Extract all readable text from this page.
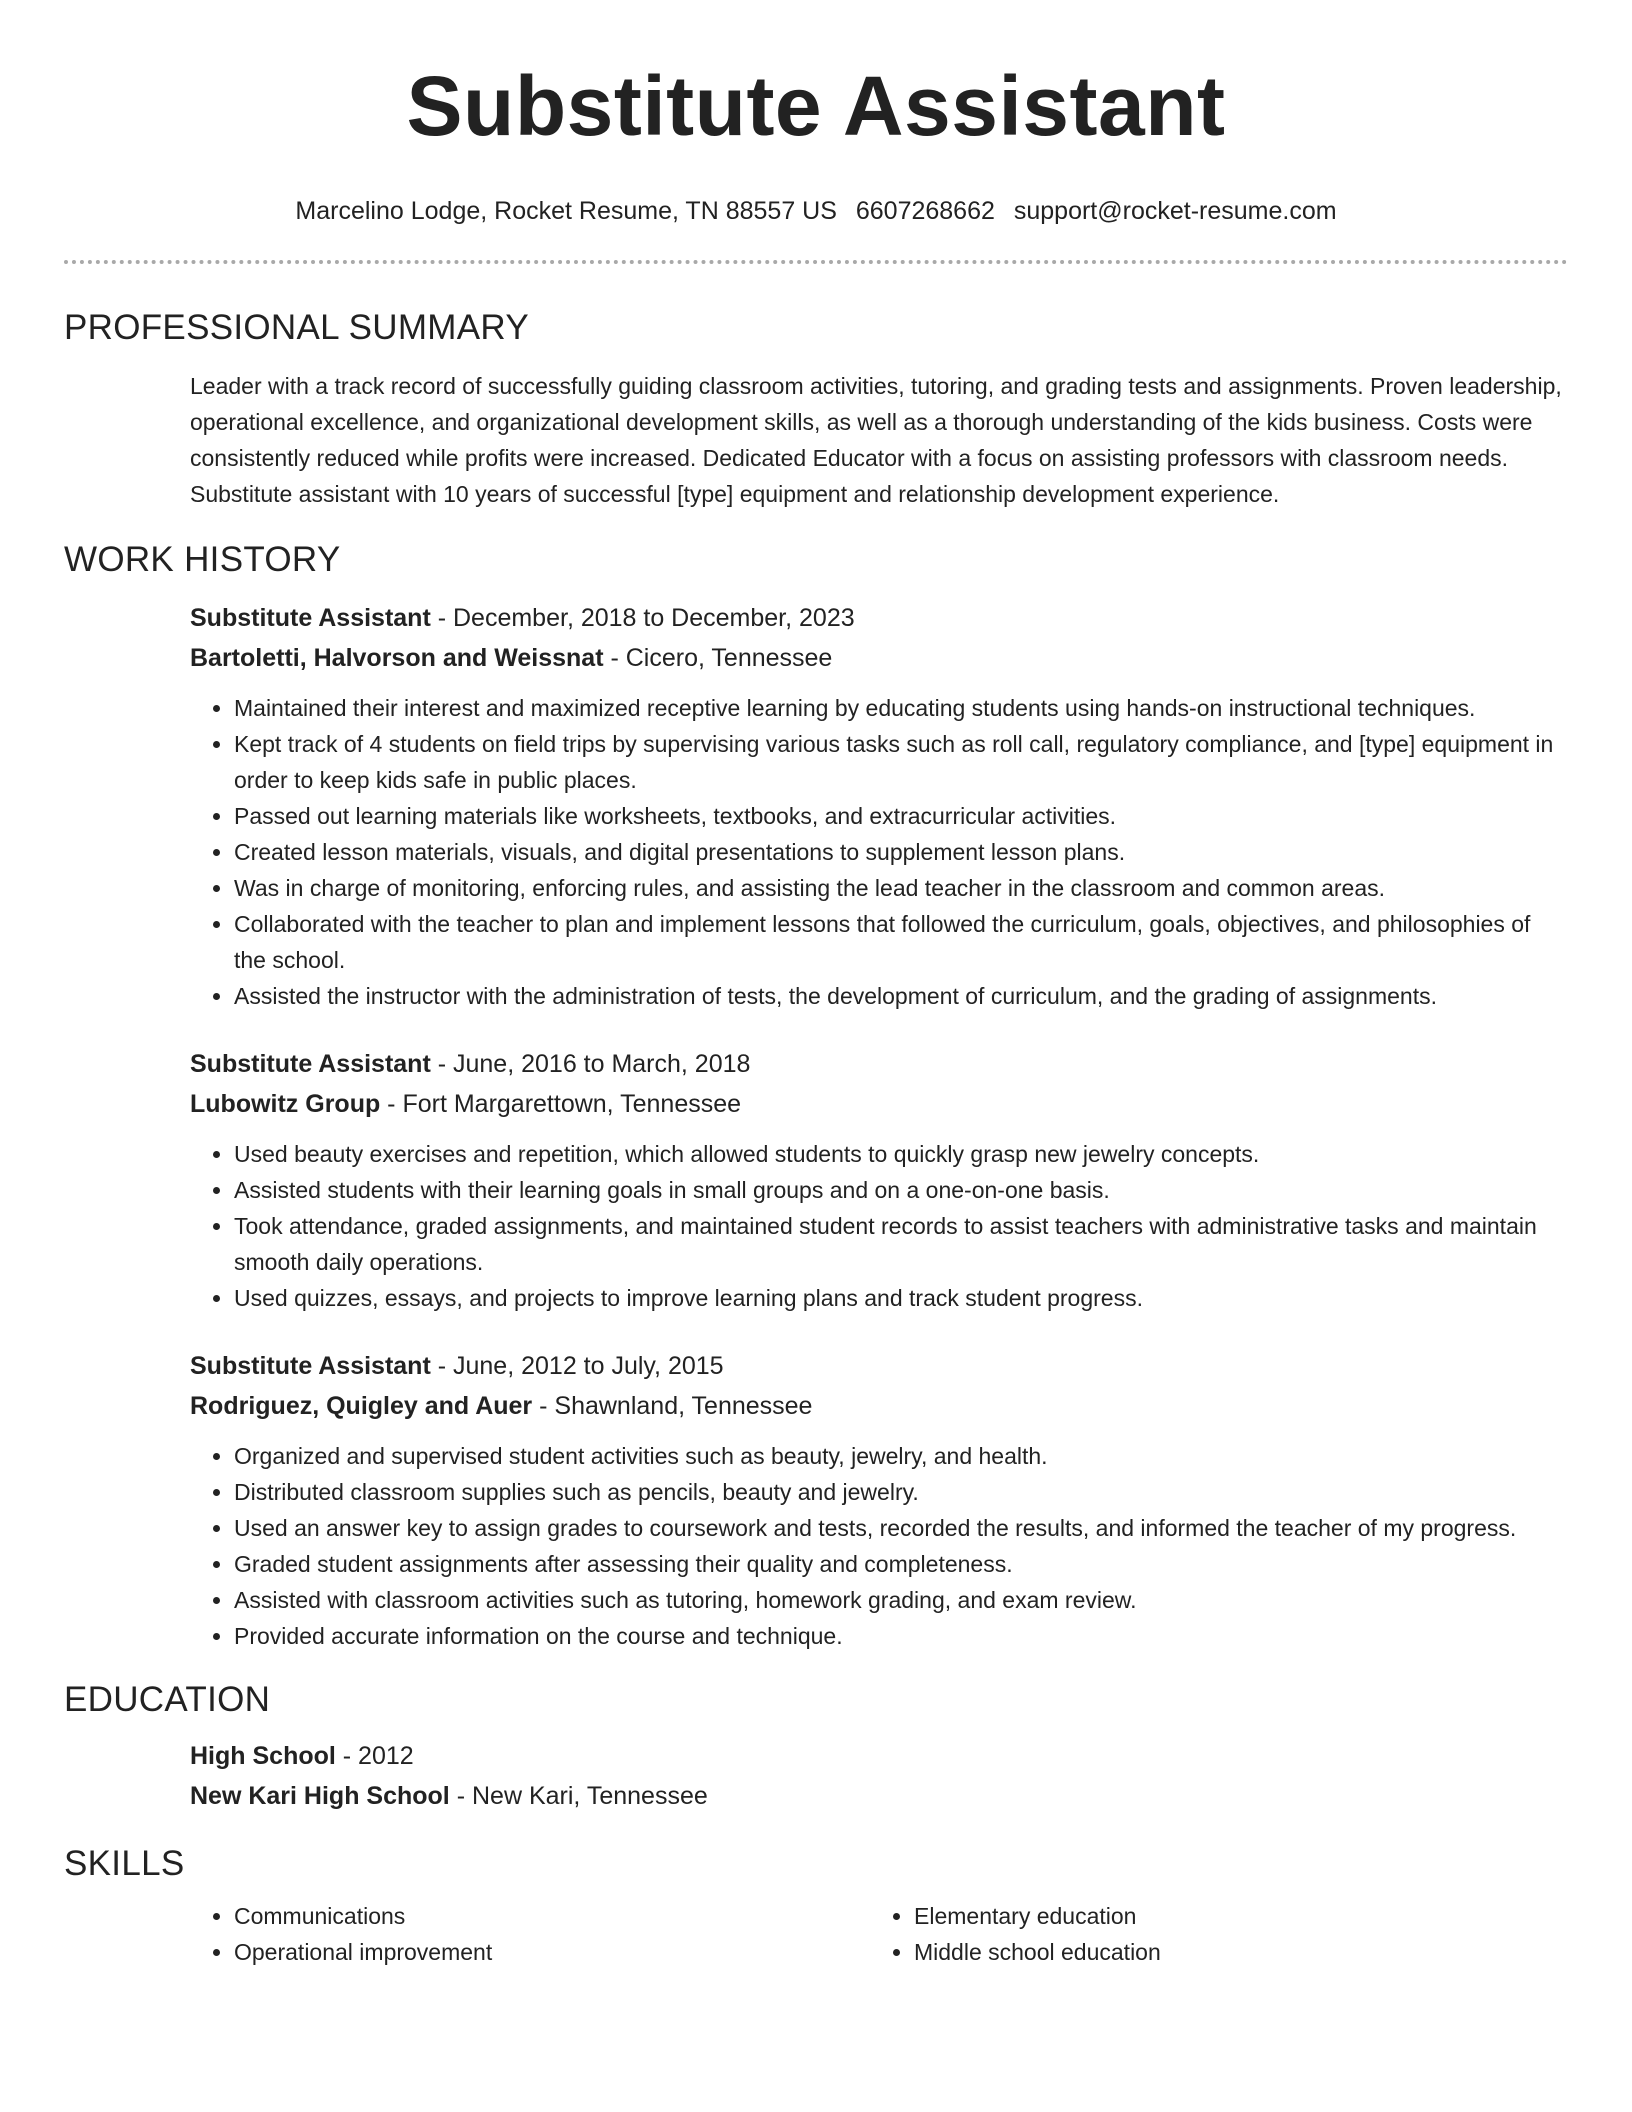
Substitute Assistant
Marcelino Lodge, Rocket Resume, TN 88557 US 6607268662 support@rocket-resume.com
PROFESSIONAL SUMMARY
Leader with a track record of successfully guiding classroom activities, tutoring, and grading tests and assignments. Proven leadership, operational excellence, and organizational development skills, as well as a thorough understanding of the kids business. Costs were consistently reduced while profits were increased. Dedicated Educator with a focus on assisting professors with classroom needs. Substitute assistant with 10 years of successful [type] equipment and relationship development experience.
WORK HISTORY
Substitute Assistant - December, 2018 to December, 2023
Bartoletti, Halvorson and Weissnat - Cicero, Tennessee
• Maintained their interest and maximized receptive learning by educating students using hands-on instructional techniques.
• Kept track of 4 students on field trips by supervising various tasks such as roll call, regulatory compliance, and [type] equipment in order to keep kids safe in public places.
• Passed out learning materials like worksheets, textbooks, and extracurricular activities.
• Created lesson materials, visuals, and digital presentations to supplement lesson plans.
• Was in charge of monitoring, enforcing rules, and assisting the lead teacher in the classroom and common areas.
• Collaborated with the teacher to plan and implement lessons that followed the curriculum, goals, objectives, and philosophies of the school.
• Assisted the instructor with the administration of tests, the development of curriculum, and the grading of assignments.
Substitute Assistant - June, 2016 to March, 2018
Lubowitz Group - Fort Margarettown, Tennessee
• Used beauty exercises and repetition, which allowed students to quickly grasp new jewelry concepts.
• Assisted students with their learning goals in small groups and on a one-on-one basis.
• Took attendance, graded assignments, and maintained student records to assist teachers with administrative tasks and maintain smooth daily operations.
• Used quizzes, essays, and projects to improve learning plans and track student progress.
Substitute Assistant - June, 2012 to July, 2015
Rodriguez, Quigley and Auer - Shawnland, Tennessee
• Organized and supervised student activities such as beauty, jewelry, and health.
• Distributed classroom supplies such as pencils, beauty and jewelry.
• Used an answer key to assign grades to coursework and tests, recorded the results, and informed the teacher of my progress.
• Graded student assignments after assessing their quality and completeness.
• Assisted with classroom activities such as tutoring, homework grading, and exam review.
• Provided accurate information on the course and technique.
EDUCATION
High School - 2012
New Kari High School - New Kari, Tennessee
SKILLS
• Communications
• Operational improvement
• Elementary education
• Middle school education
